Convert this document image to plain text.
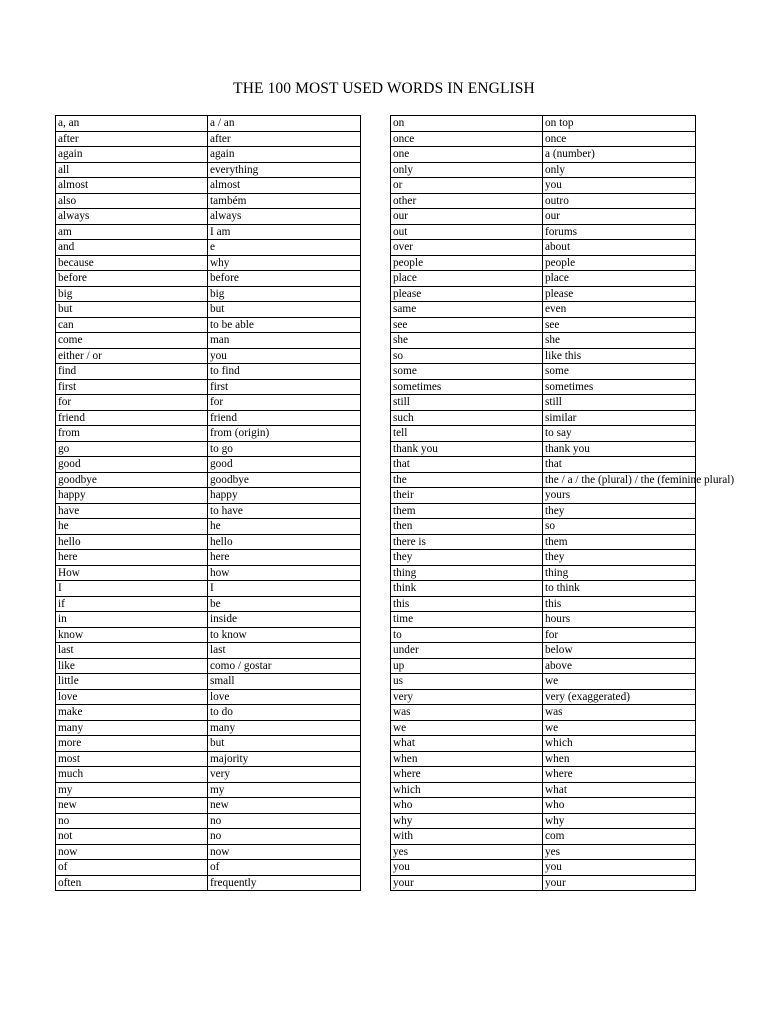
THE 100 MOST USED WORDS IN ENGLISH
a, an	a / an
after	after
again	again
all	everything
almost	almost
also	também
always	always
am	I am
and	e
because	why
before	before
big	big
but	but
can	to be able
come	man
either / or	you
find	to find
first	first
for	for
friend	friend
from	from (origin)
go	to go
good	good
goodbye	goodbye
happy	happy
have	to have
he	he
hello	hello
here	here
How	how
I	I
if	be
in	inside
know	to know
last	last
like	como / gostar
little	small
love	love
make	to do
many	many
more	but
most	majority
much	very
my	my
new	new
no	no
not	no
now	now
of	of
often	frequently
on	on top
once	once
one	a (number)
only	only
or	you
other	outro
our	our
out	forums
over	about
people	people
place	place
please	please
same	even
see	see
she	she
so	like this
some	some
sometimes	sometimes
still	still
such	similar
tell	to say
thank you	thank you
that	that
the	the / a / the (plural) / the (feminine plural)
their	yours
them	they
then	so
there is	them
they	they
thing	thing
think	to think
this	this
time	hours
to	for
under	below
up	above
us	we
very	very (exaggerated)
was	was
we	we
what	which
when	when
where	where
which	what
who	who
why	why
with	com
yes	yes
you	you
your	your
